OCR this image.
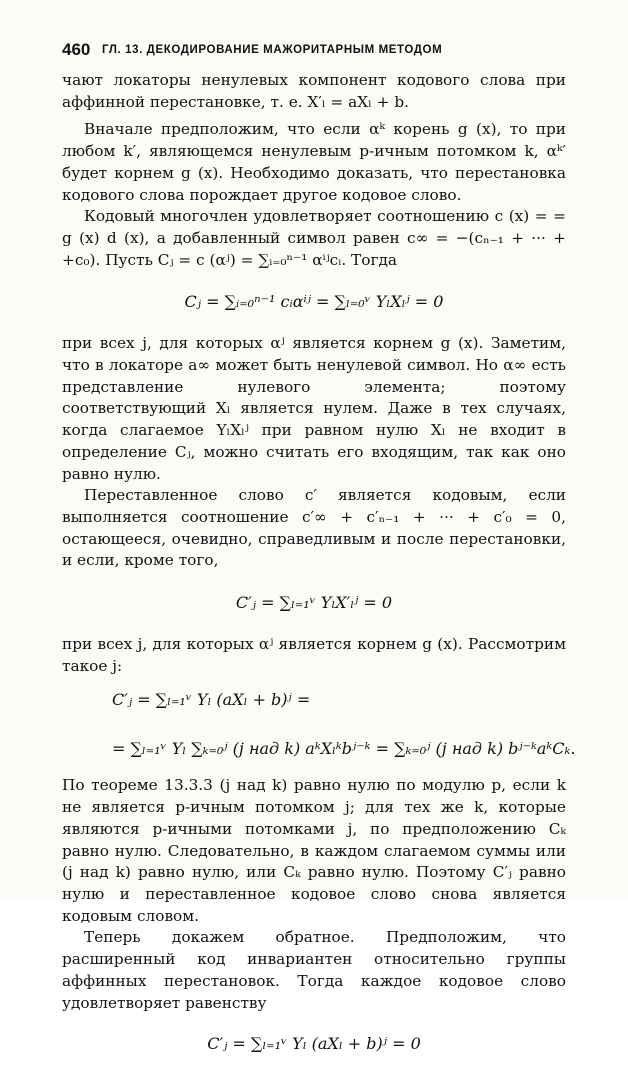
460 ГЛ. 13. ДЕКОДИРОВАНИЕ МАЖОРИТАРНЫМ МЕТОДОМ

чают локаторы ненулевых компонент кодового слова при аффинной перестановке, т. е. X′ₗ = aXₗ + b.

Вначале предположим, что если αᵏ корень g (x), то при любом k′, являющемся ненулевым p-ичным потомком k, αᵏ′ будет корнем g (x). Необходимо доказать, что перестановка кодового слова порождает другое кодовое слово.

Кодовый многочлен удовлетворяет соотношению c (x) = = g (x) d (x), а добавленный символ равен c∞ = −(cₙ₋₁ + ··· + +c₀). Пусть Cⱼ = c (αʲ) = ∑ᵢ₌₀ⁿ⁻¹ αⁱʲcᵢ. Тогда

Cⱼ = ∑ᵢ₌₀ⁿ⁻¹ cᵢαⁱʲ = ∑ₗ₌₀ᵛ YₗXₗʲ = 0

при всех j, для которых αʲ является корнем g (x). Заметим, что в локаторе a∞ может быть ненулевой символ. Но α∞ есть представление нулевого элемента; поэтому соответствующий Xₗ является нулем. Даже в тех случаях, когда слагаемое YₗXₗʲ при равном нулю Xₗ не входит в определение Cⱼ, можно считать его входящим, так как оно равно нулю.

Переставленное слово c′ является кодовым, если выполняется соотношение c′∞ + c′ₙ₋₁ + ··· + c′₀ = 0, остающееся, очевидно, справедливым и после перестановки, и если, кроме того,

C′ⱼ = ∑ₗ₌₁ᵛ YₗX′ₗʲ = 0

при всех j, для которых αʲ является корнем g (x). Рассмотрим такое j:

C′ⱼ = ∑ₗ₌₁ᵛ Yₗ (aXₗ + b)ʲ =
= ∑ₗ₌₁ᵛ Yₗ ∑ₖ₌₀ʲ (j над k) aᵏXₗᵏbʲ⁻ᵏ = ∑ₖ₌₀ʲ (j над k) bʲ⁻ᵏaᵏCₖ.

По теореме 13.3.3 (j над k) равно нулю по модулю p, если k не является p-ичным потомком j; для тех же k, которые являются p-ичными потомками j, по предположению Cₖ равно нулю. Следовательно, в каждом слагаемом суммы или (j над k) равно нулю, или Cₖ равно нулю. Поэтому C′ⱼ равно нулю и переставленное кодовое слово снова является кодовым словом.

Теперь докажем обратное. Предположим, что расширенный код инвариантен относительно группы аффинных перестановок. Тогда каждое кодовое слово удовлетворяет равенству

C′ⱼ = ∑ₗ₌₁ᵛ Yₗ (aXₗ + b)ʲ = 0
